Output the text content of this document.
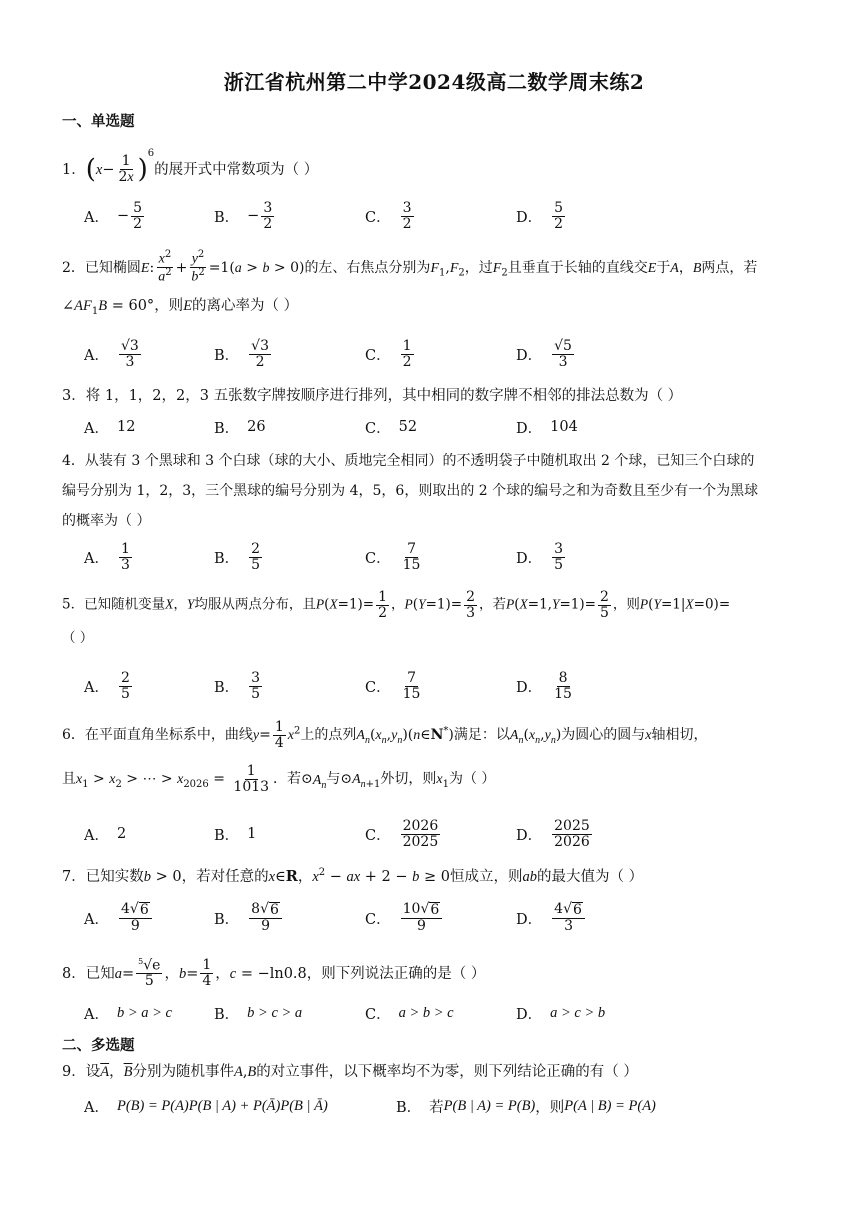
浙江省杭州第二中学2024级高二数学周末练2
一、单选题
1．$(x- \frac{1}{2x} )^6$的展开式中常数项为（ ）
A． − $\frac{5}{2}$	B． − $\frac{3}{2}$	C． $\frac{3}{2}$	D． $\frac{5}{2}$
2．已知椭圆E: $\frac{x^2}{a^2} + \frac{y^2}{b^2} =1(a > b > 0)$的左、右焦点分别为$F_1,F_2$，过$F_2$且垂直于长轴的直线交E于A，B两点，若
$\angle AF_1B = 60^\circ$，则E的离心率为（ ）
A． $\frac{√3}{3}$	B． $\frac{√3}{2}$	C． $\frac{1}{2}$	D． $\frac{√5}{3}$
3．将 1，1，2，2，3 五张数字牌按顺序进行排列，其中相同的数字牌不相邻的排法总数为（ ）
A． 12	B． 26	C． 52	D． 104
4．从装有 3 个黑球和 3 个白球（球的大小、质地完全相同）的不透明袋子中随机取出 2 个球，已知三个白球的
编号分别为 1，2，3，三个黑球的编号分别为 4，5，6，则取出的 2 个球的编号之和为奇数且至少有一个为黑球
的概率为（ ）
A． $\frac{1}{3}$	B． $\frac{2}{5}$	C． $\frac{7}{15}$	D． $\frac{3}{5}$
5．已知随机变量X，Y均服从两点分布，且$P(X=1)= \frac{1}{2}$ ，$P(Y=1)= \frac{2}{3}$ ，若$P(X=1,Y=1)= \frac{2}{5}$ ，则P(Y=1|X=0)=
（ ）
A． $\frac{2}{5}$	B． $\frac{3}{5}$	C． $\frac{7}{15}$	D． $\frac{8}{15}$
6．在平面直角坐标系中，曲线$y= \frac{1}{4} x^2$上的点列$A_n(x_n,y_n)(n\in N^*)$满足：以$A_n(x_n,y_n)$为圆心的圆与x轴相切，
且$x_1 > x_2$ > ⋯ > $x_{2026} = \frac{1}{1013}$ ．若$⊙A_n$与$⊙A_{n+1}$外切，则$x_1$为（ ）
A． 2	B． 1	C． $\frac{2026}{2025}$	D． $\frac{2025}{2026}$
7．已知实数b > 0，若对任意的x∈R，$x^2$ − ax + 2 − b ≥ 0恒成立，则ab的最大值为（ ）
A． $\frac{4 √ 6}{9}$	B． $\frac{8 √ 6}{9}$	C． $\frac{10 √ 6}{9}$	D． $\frac{4 √ 6}{3}$
8．已知$a= \frac{^5√e}{5}$ ，$b= \frac{1}{4}$ ，c = −ln0.8，则下列说法正确的是（ ）
A． b > a > c	B． b > c > a	C． a > b > c	D． a > c > b
二、多选题
9．设$\overline{A}$，$\overline{B}$分别为随机事件A,B的对立事件，以下概率均不为零，则下列结论正确的有（ ）
A． P(B) = P(A)P(B | A) + P(Ā)P(B | Ā)	B． 若 P(B | A) = P(B) ，则 P(A | B) = P(A)
